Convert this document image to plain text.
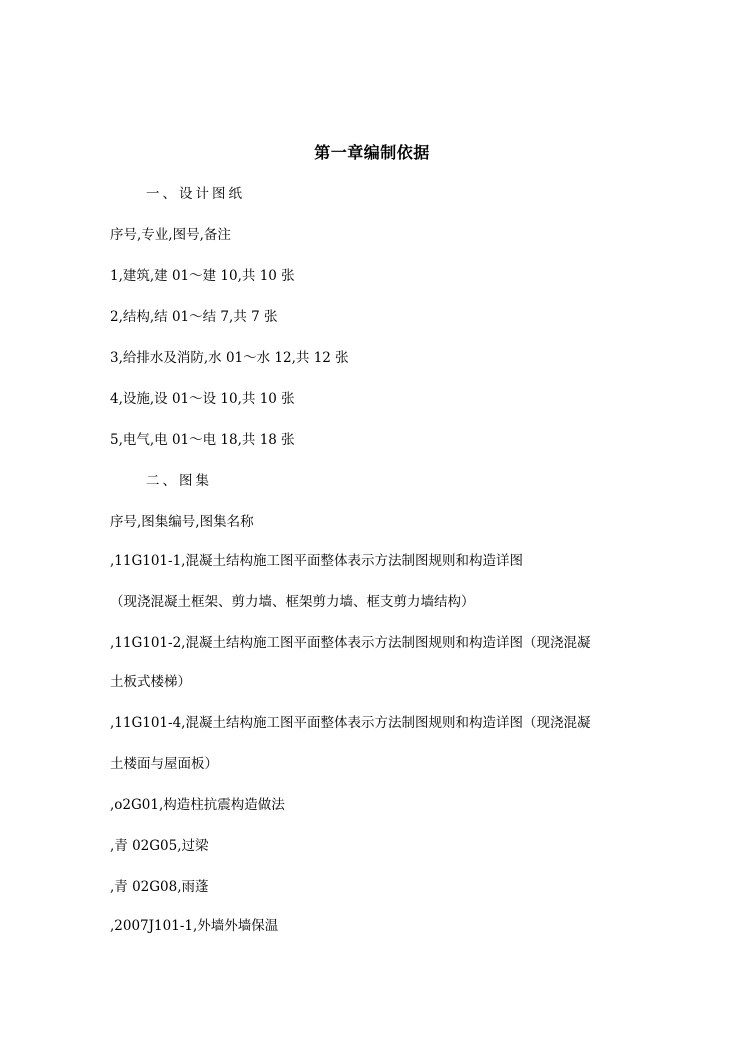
第一章编制依据
一、设计图纸
序号,专业,图号,备注
1,建筑,建 01～建 10,共 10 张
2,结构,结 01～结 7,共 7 张
3,给排水及消防,水 01～水 12,共 12 张
4,设施,设 01～设 10,共 10 张
5,电气,电 01～电 18,共 18 张
二、图集
序号,图集编号,图集名称
,11G101-1,混凝土结构施工图平面整体表示方法制图规则和构造详图
（现浇混凝土框架、剪力墙、框架剪力墙、框支剪力墙结构）
,11G101-2,混凝土结构施工图平面整体表示方法制图规则和构造详图（现浇混凝
土板式楼梯）
,11G101-4,混凝土结构施工图平面整体表示方法制图规则和构造详图（现浇混凝
土楼面与屋面板）
,o2G01,构造柱抗震构造做法
,青 02G05,过梁
,青 02G08,雨蓬
,2007J101-1,外墙外墙保温
